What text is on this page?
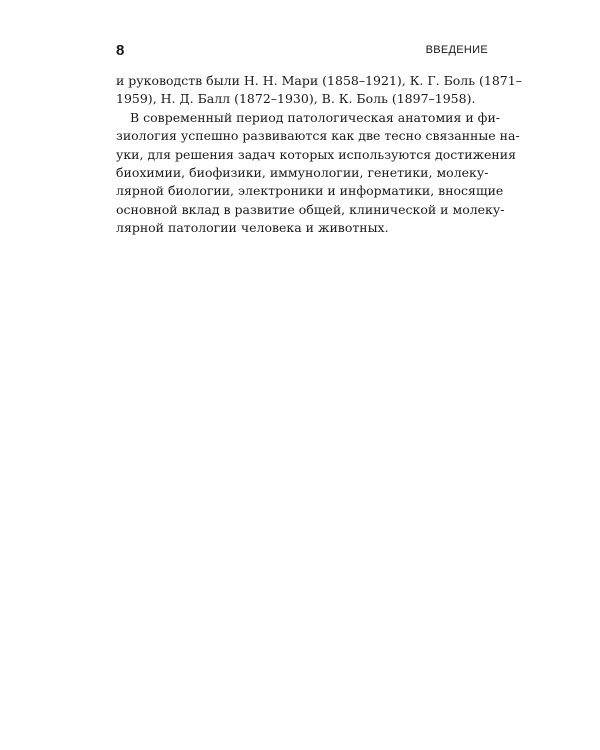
8	ВВЕДЕНИЕ
и руководств были Н. Н. Мари (1858–1921), К. Г. Боль (1871–
1959), Н. Д. Балл (1872–1930), В. К. Боль (1897–1958).
В современный период патологическая анатомия и фи-
зиология успешно развиваются как две тесно связанные на-
уки, для решения задач которых используются достижения
биохимии, биофизики, иммунологии, генетики, молеку-
лярной биологии, электроники и информатики, вносящие
основной вклад в развитие общей, клинической и молеку-
лярной патологии человека и животных.
